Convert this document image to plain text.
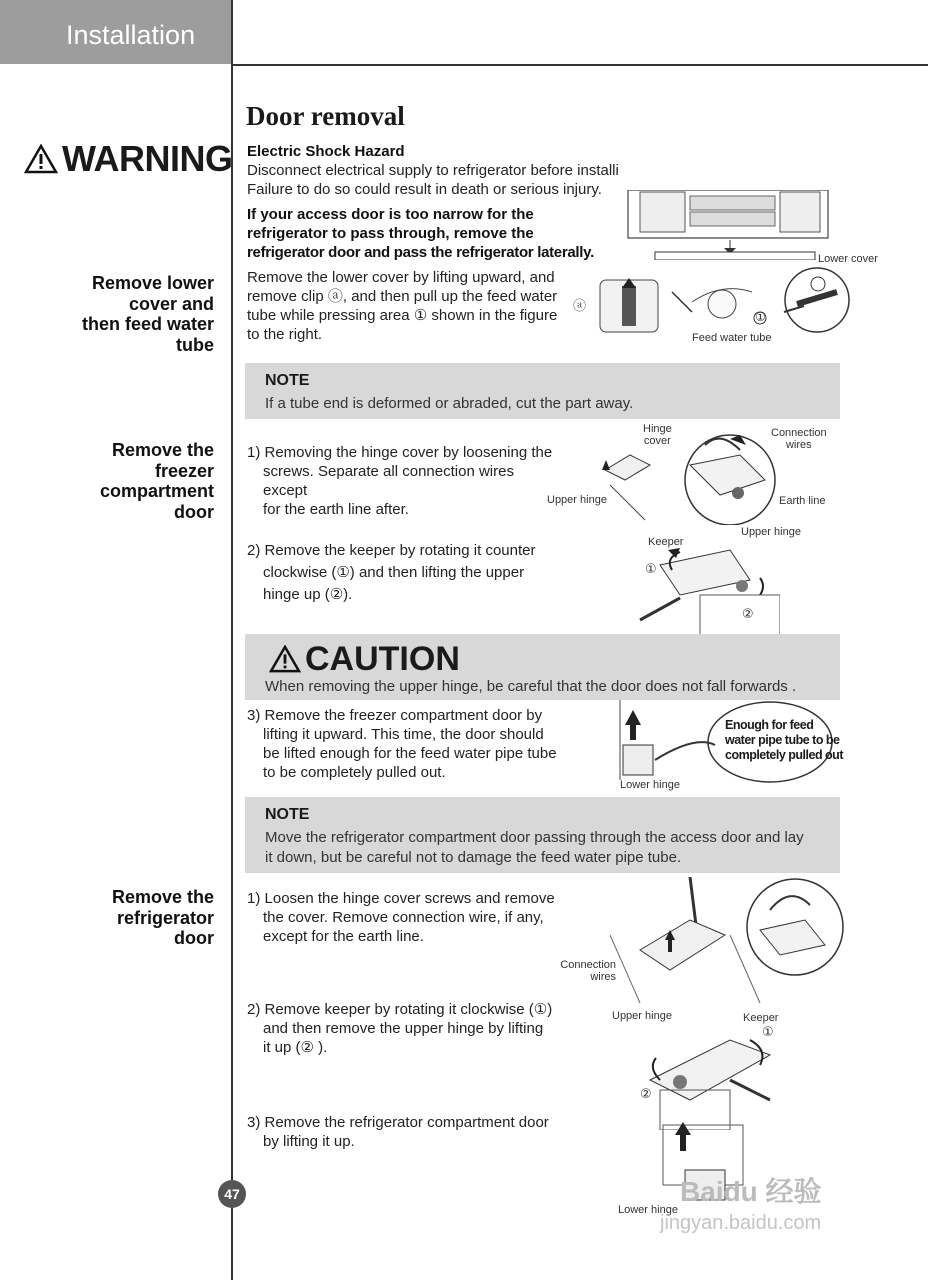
Installation
WARNING
Door removal
Electric Shock Hazard
Disconnect electrical supply to refrigerator before installi
Failure to do so could result in death or serious injury.
If your access door is too narrow for the
refrigerator to pass through, remove the
refrigerator door and pass the refrigerator laterally.	Lower cover
Remove lower
cover and
then feed water
tube
Remove the lower cover by lifting upward, and
remove clip ⓐ, and then pull up the feed water
tube while pressing area ① shown in the figure
to the right.
ⓐ
Feed water tube
①
NOTE
If a tube end is deformed or abraded, cut the part away.
Remove the
freezer
compartment
door
1) Removing the hinge cover by loosening the
screws. Separate all connection wires except
for the earth line after.
Hinge
cover
Connection
wires
Upper hinge	Earth line
2) Remove the keeper by rotating it counter
clockwise (①) and then lifting the upper
hinge up (②).
Keeper
Upper hinge
①
②
CAUTION
When removing the upper hinge, be careful that the door does not fall forwards .
3) Remove the freezer compartment door by
lifting it upward. This time, the door should
be lifted enough for the feed water pipe tube
to be completely pulled out.
Enough for feed
water pipe tube to be
completely pulled out
Lower hinge
NOTE
Move the refrigerator compartment door passing through the access door and lay
it down, but be careful not to damage the feed water pipe tube.
Remove the
refrigerator
door
1) Loosen the hinge cover screws and remove
the cover. Remove connection wire, if any,
except for the earth line.
Connection
wires
2) Remove keeper by rotating it clockwise (①)
and then remove the upper hinge by lifting
it up (② ).
Upper hinge	Keeper
①
②
3) Remove the refrigerator compartment door
by lifting it up.
Lower hinge
Baidu 经验
jingyan.baidu.com
47
